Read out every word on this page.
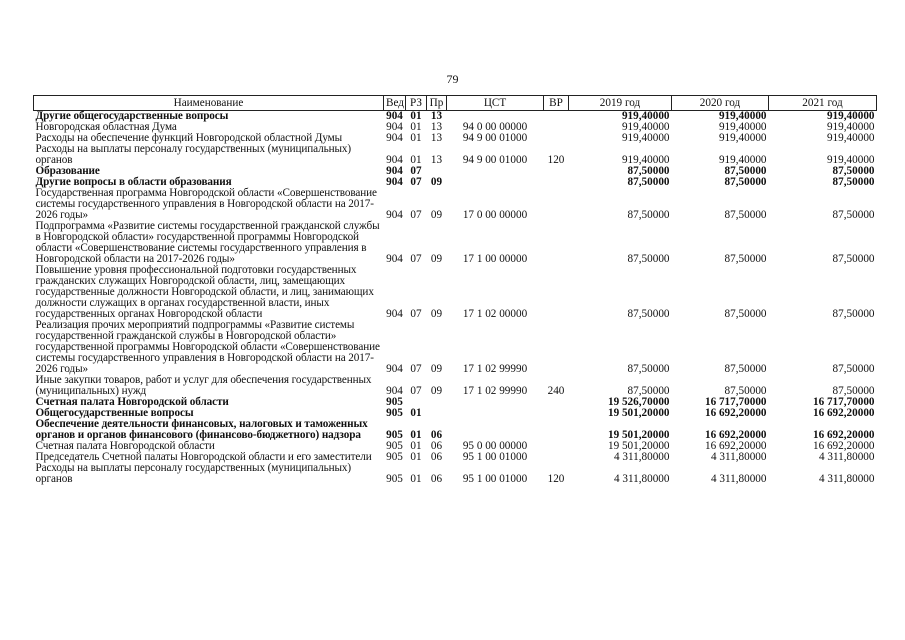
79
Наименование	Вед	РЗ	Пр	ЦСТ	ВР	2019 год	2020 год	2021 год
Другие общегосударственные вопросы	904	01	13			919,40000	919,40000	919,40000
Новгородская областная Дума	904	01	13	94 0 00 00000		919,40000	919,40000	919,40000
Расходы на обеспечение функций Новгородской областной Думы	904	01	13	94 9 00 01000		919,40000	919,40000	919,40000
Расходы на выплаты персоналу государственных (муниципальных) органов	904	01	13	94 9 00 01000	120	919,40000	919,40000	919,40000
Образование	904	07				87,50000	87,50000	87,50000
Другие вопросы в области образования	904	07	09			87,50000	87,50000	87,50000
Государственная программа Новгородской области «Совершенствование системы государственного управления в Новгородской области на 2017-2026 годы»	904	07	09	17 0 00 00000		87,50000	87,50000	87,50000
Подпрограмма «Развитие системы государственной гражданской службы в Новгородской области» государственной программы Новгородской области «Совершенствование системы государственного управления в Новгородской области на 2017-2026 годы»	904	07	09	17 1 00 00000		87,50000	87,50000	87,50000
Повышение уровня профессиональной подготовки государственных гражданских служащих Новгородской области, лиц, замещающих государственные должности Новгородской области, и лиц, занимающих должности служащих в органах государственной власти, иных государственных органах Новгородской области	904	07	09	17 1 02 00000		87,50000	87,50000	87,50000
Реализация прочих мероприятий подпрограммы «Развитие системы государственной гражданской службы в Новгородской области» государственной программы Новгородской области «Совершенствование системы государственного управления в Новгородской области на 2017-2026 годы»	904	07	09	17 1 02 99990		87,50000	87,50000	87,50000
Иные закупки товаров, работ и услуг для обеспечения государственных (муниципальных) нужд	904	07	09	17 1 02 99990	240	87,50000	87,50000	87,50000
Счетная палата Новгородской области	905					19 526,70000	16 717,70000	16 717,70000
Общегосударственные вопросы	905	01				19 501,20000	16 692,20000	16 692,20000
Обеспечение деятельности финансовых, налоговых и таможенных органов и органов финансового (финансово-бюджетного) надзора	905	01	06			19 501,20000	16 692,20000	16 692,20000
Счетная палата Новгородской области	905	01	06	95 0 00 00000		19 501,20000	16 692,20000	16 692,20000
Председатель Счетной палаты Новгородской области и его заместители	905	01	06	95 1 00 01000		4 311,80000	4 311,80000	4 311,80000
Расходы на выплаты персоналу государственных (муниципальных) органов	905	01	06	95 1 00 01000	120	4 311,80000	4 311,80000	4 311,80000
